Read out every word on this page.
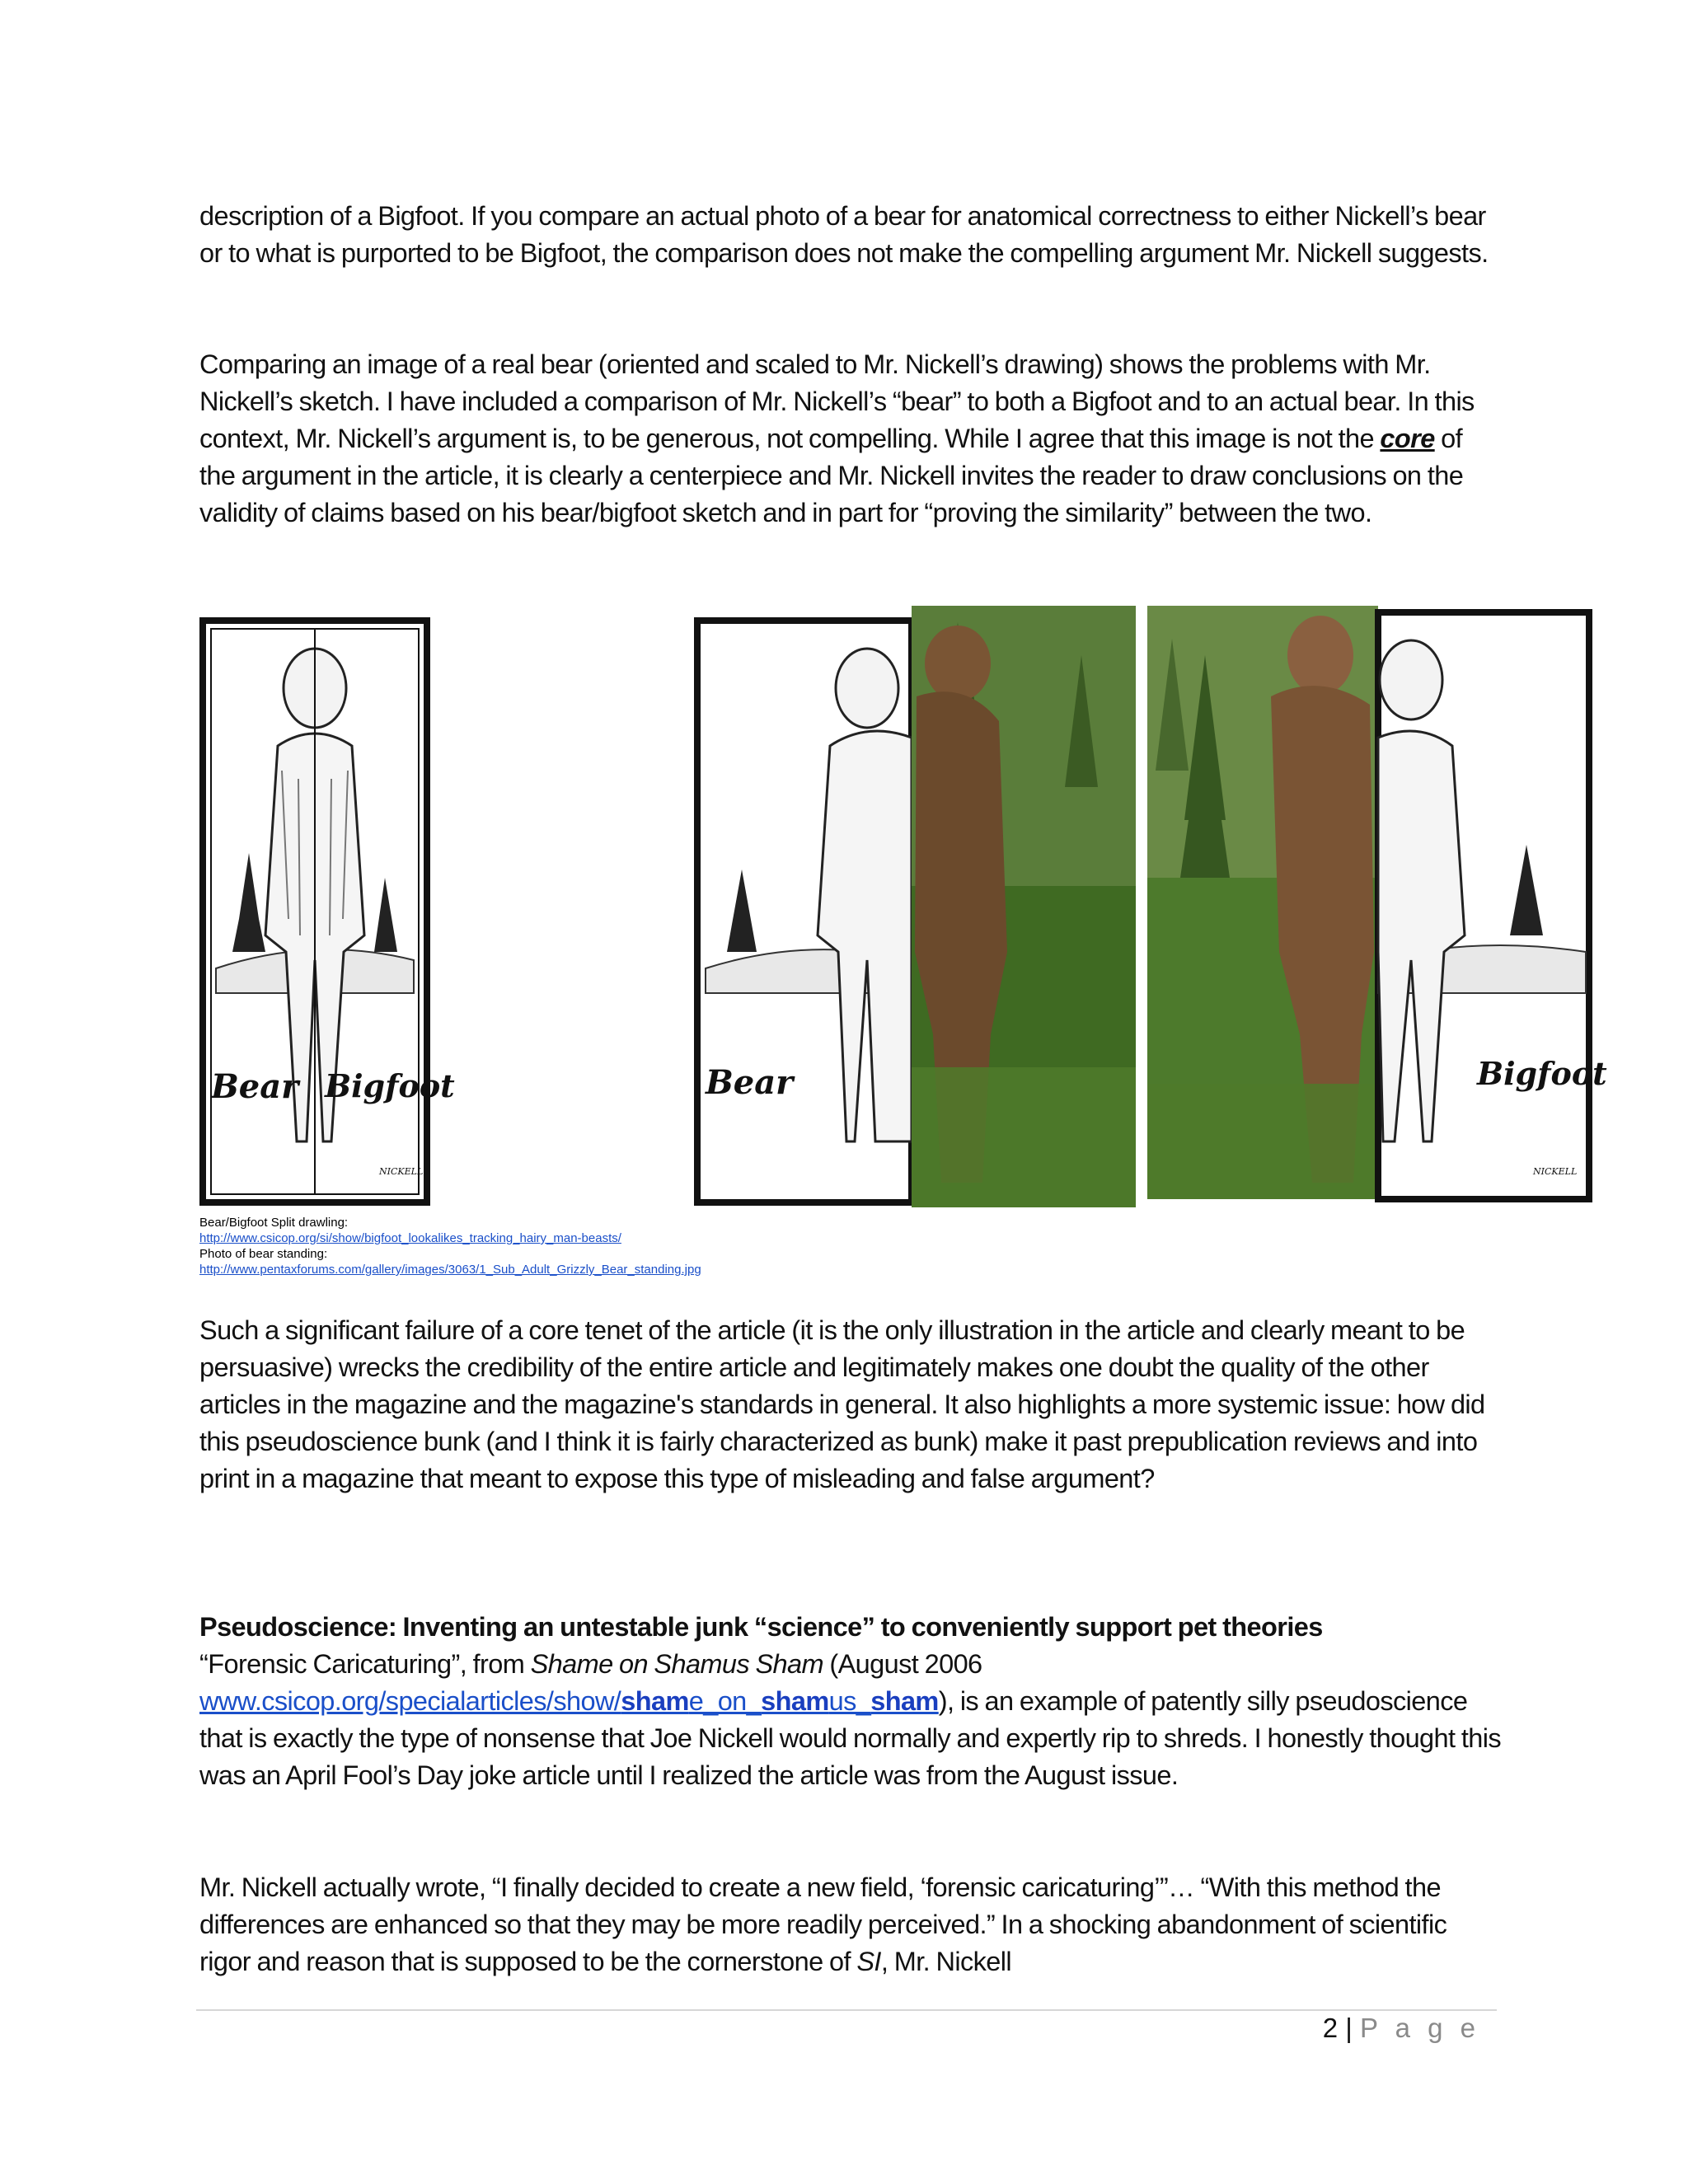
description of a Bigfoot. If you compare an actual photo of a bear for anatomical correctness to either Nickell’s bear or to what is purported to be Bigfoot, the comparison does not make the compelling argument Mr. Nickell suggests.

Comparing an image of a real bear (oriented and scaled to Mr. Nickell’s drawing) shows the problems with Mr. Nickell’s sketch. I have included a comparison of Mr. Nickell’s “bear” to both a Bigfoot and to an actual bear. In this context, Mr. Nickell’s argument is, to be generous, not compelling. While I agree that this image is not the core of the argument in the article, it is clearly a centerpiece and Mr. Nickell invites the reader to draw conclusions on the validity of claims based on his bear/bigfoot sketch and in part for “proving the similarity” between the two.

Bear Bigfoot
NICKELL
Bear	Bigfoot
NICKELL
Bear/Bigfoot Split drawling:
http://www.csicop.org/si/show/bigfoot_lookalikes_tracking_hairy_man-beasts/
Photo of bear standing:
http://www.pentaxforums.com/gallery/images/3063/1_Sub_Adult_Grizzly_Bear_standing.jpg

Such a significant failure of a core tenet of the article (it is the only illustration in the article and clearly meant to be persuasive) wrecks the credibility of the entire article and legitimately makes one doubt the quality of the other articles in the magazine and the magazine's standards in general. It also highlights a more systemic issue: how did this pseudoscience bunk (and I think it is fairly characterized as bunk) make it past prepublication reviews and into print in a magazine that meant to expose this type of misleading and false argument?

Pseudoscience: Inventing an untestable junk “science” to conveniently support pet theories
“Forensic Caricaturing”, from Shame on Shamus Sham (August 2006 www.csicop.org/specialarticles/show/shame_on_shamus_sham), is an example of patently silly pseudoscience that is exactly the type of nonsense that Joe Nickell would normally and expertly rip to shreds. I honestly thought this was an April Fool’s Day joke article until I realized the article was from the August issue.

Mr. Nickell actually wrote, “I finally decided to create a new field, ‘forensic caricaturing’”… “With this method the differences are enhanced so that they may be more readily perceived.” In a shocking abandonment of scientific rigor and reason that is supposed to be the cornerstone of SI, Mr. Nickell

2 | P a g e
